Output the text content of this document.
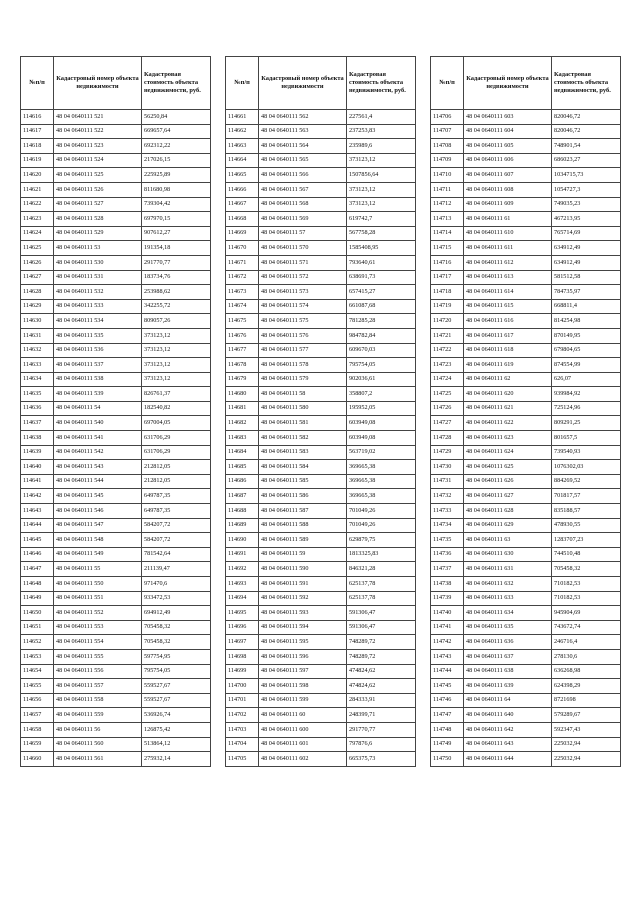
№п/п	Кадастровый номер объекта недвижимости	Кадастровая стоимость объекта недвижимости, руб.
114616	48 04 0640111 521	56250,84
114617	48 04 0640111 522	669657,64
114618	48 04 0640111 523	692312,22
114619	48 04 0640111 524	217026,15
114620	48 04 0640111 525	225925,89
114621	48 04 0640111 526	811680,98
114622	48 04 0640111 527	739304,42
114623	48 04 0640111 528	697970,15
114624	48 04 0640111 529	907612,27
114625	48 04 0640111 53	191354,18
114626	48 04 0640111 530	291770,77
114627	48 04 0640111 531	183734,76
114628	48 04 0640111 532	253988,62
114629	48 04 0640111 533	342255,72
114630	48 04 0640111 534	809057,26
114631	48 04 0640111 535	373123,12
114632	48 04 0640111 536	373123,12
114633	48 04 0640111 537	373123,12
114634	48 04 0640111 538	373123,12
114635	48 04 0640111 539	826761,37
114636	48 04 0640111 54	182540,82
114637	48 04 0640111 540	697004,05
114638	48 04 0640111 541	631706,29
114639	48 04 0640111 542	631706,29
114640	48 04 0640111 543	212812,05
114641	48 04 0640111 544	212812,05
114642	48 04 0640111 545	649787,35
114643	48 04 0640111 546	649787,35
114644	48 04 0640111 547	584207,72
114645	48 04 0640111 548	584207,72
114646	48 04 0640111 549	781542,64
114647	48 04 0640111 55	211139,47
114648	48 04 0640111 550	971470,6
114649	48 04 0640111 551	933472,53
114650	48 04 0640111 552	694912,49
114651	48 04 0640111 553	705458,32
114652	48 04 0640111 554	705458,32
114653	48 04 0640111 555	597754,95
114654	48 04 0640111 556	795754,05
114655	48 04 0640111 557	559527,67
114656	48 04 0640111 558	559527,67
114657	48 04 0640111 559	536926,74
114658	48 04 0640111 56	126875,42
114659	48 04 0640111 560	513864,12
114660	48 04 0640111 561	275932,14
№п/п	Кадастровый номер объекта недвижимости	Кадастровая стоимость объекта недвижимости, руб.
114661	48 04 0640111 562	227561,4
114662	48 04 0640111 563	237253,83
114663	48 04 0640111 564	235989,6
114664	48 04 0640111 565	373123,12
114665	48 04 0640111 566	1507856,64
114666	48 04 0640111 567	373123,12
114667	48 04 0640111 568	373123,12
114668	48 04 0640111 569	619742,7
114669	48 04 0640111 57	567758,28
114670	48 04 0640111 570	1585408,95
114671	48 04 0640111 571	793640,61
114672	48 04 0640111 572	638691,73
114673	48 04 0640111 573	657415,27
114674	48 04 0640111 574	661087,68
114675	48 04 0640111 575	781285,28
114676	48 04 0640111 576	984782,84
114677	48 04 0640111 577	609670,03
114678	48 04 0640111 578	795754,05
114679	48 04 0640111 579	902036,61
114680	48 04 0640111 58	358807,2
114681	48 04 0640111 580	195952,05
114682	48 04 0640111 581	603949,08
114683	48 04 0640111 582	603949,08
114684	48 04 0640111 583	563719,02
114685	48 04 0640111 584	369665,38
114686	48 04 0640111 585	369665,38
114687	48 04 0640111 586	369665,38
114688	48 04 0640111 587	701049,26
114689	48 04 0640111 588	701049,26
114690	48 04 0640111 589	629879,75
114691	48 04 0640111 59	1813325,83
114692	48 04 0640111 590	846321,28
114693	48 04 0640111 591	625137,78
114694	48 04 0640111 592	625137,78
114695	48 04 0640111 593	591306,47
114696	48 04 0640111 594	591306,47
114697	48 04 0640111 595	748289,72
114698	48 04 0640111 596	748289,72
114699	48 04 0640111 597	474824,62
114700	48 04 0640111 598	474824,62
114701	48 04 0640111 599	284333,91
114702	48 04 0640111 60	248399,71
114703	48 04 0640111 600	291770,77
114704	48 04 0640111 601	797876,6
114705	48 04 0640111 602	665375,73
№п/п	Кадастровый номер объекта недвижимости	Кадастровая стоимость объекта недвижимости, руб.
114706	48 04 0640111 603	820046,72
114707	48 04 0640111 604	820046,72
114708	48 04 0640111 605	748901,54
114709	48 04 0640111 606	686023,27
114710	48 04 0640111 607	1034715,73
114711	48 04 0640111 608	1054727,3
114712	48 04 0640111 609	749035,23
114713	48 04 0640111 61	467213,95
114714	48 04 0640111 610	765714,69
114715	48 04 0640111 611	634912,49
114716	48 04 0640111 612	634912,49
114717	48 04 0640111 613	581512,58
114718	48 04 0640111 614	784735,97
114719	48 04 0640111 615	668811,4
114720	48 04 0640111 616	814254,98
114721	48 04 0640111 617	870149,95
114722	48 04 0640111 618	679804,65
114723	48 04 0640111 619	874554,99
114724	48 04 0640111 62	626,07
114725	48 04 0640111 620	939984,92
114726	48 04 0640111 621	725124,96
114727	48 04 0640111 622	809291,25
114728	48 04 0640111 623	801657,5
114729	48 04 0640111 624	739540,93
114730	48 04 0640111 625	1076302,03
114731	48 04 0640111 626	884269,52
114732	48 04 0640111 627	701817,57
114733	48 04 0640111 628	835188,57
114734	48 04 0640111 629	478930,55
114735	48 04 0640111 63	1283707,23
114736	48 04 0640111 630	744510,48
114737	48 04 0640111 631	705458,32
114738	48 04 0640111 632	710182,53
114739	48 04 0640111 633	710182,53
114740	48 04 0640111 634	945904,69
114741	48 04 0640111 635	743672,74
114742	48 04 0640111 636	246716,4
114743	48 04 0640111 637	278130,6
114744	48 04 0640111 638	636268,98
114745	48 04 0640111 639	624398,29
114746	48 04 0640111 64	8721698
114747	48 04 0640111 640	579289,67
114748	48 04 0640111 642	592347,43
114749	48 04 0640111 643	225032,94
114750	48 04 0640111 644	225032,94
